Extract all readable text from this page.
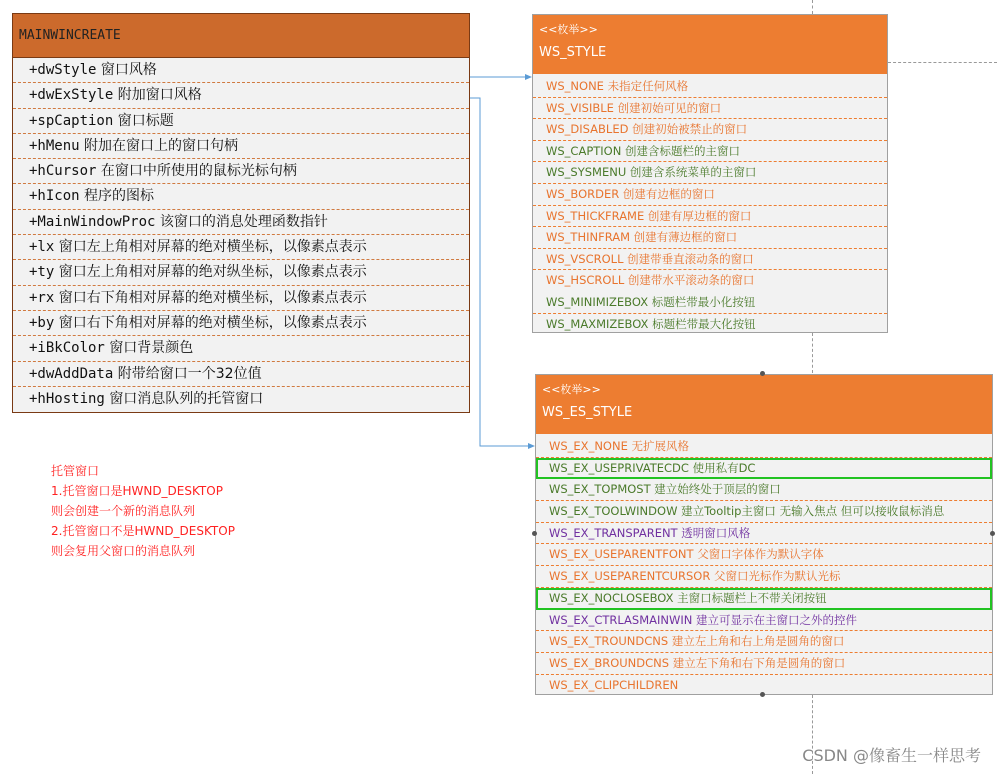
MAINWINCREATE
+dwStyle 窗口风格
+dwExStyle 附加窗口风格
+spCaption 窗口标题
+hMenu 附加在窗口上的窗口句柄
+hCursor 在窗口中所使用的鼠标光标句柄
+hIcon 程序的图标
+MainWindowProc 该窗口的消息处理函数指针
+lx 窗口左上角相对屏幕的绝对横坐标，以像素点表示
+ty 窗口左上角相对屏幕的绝对纵坐标，以像素点表示
+rx 窗口右下角相对屏幕的绝对横坐标，以像素点表示
+by 窗口右下角相对屏幕的绝对横坐标，以像素点表示
+iBkColor 窗口背景颜色
+dwAddData 附带给窗口一个32位值
+hHosting 窗口消息队列的托管窗口
<<枚举>>
WS_STYLE
WS_NONE 未指定任何风格
WS_VISIBLE 创建初始可见的窗口
WS_DISABLED 创建初始被禁止的窗口
WS_CAPTION 创建含标题栏的主窗口
WS_SYSMENU 创建含系统菜单的主窗口
WS_BORDER 创建有边框的窗口
WS_THICKFRAME 创建有厚边框的窗口
WS_THINFRAM 创建有薄边框的窗口
WS_VSCROLL 创建带垂直滚动条的窗口
WS_HSCROLL 创建带水平滚动条的窗口
WS_MINIMIZEBOX 标题栏带最小化按钮
WS_MAXMIZEBOX 标题栏带最大化按钮
<<枚举>>
WS_ES_STYLE
WS_EX_NONE 无扩展风格
WS_EX_USEPRIVATECDC 使用私有DC
WS_EX_TOPMOST 建立始终处于顶层的窗口
WS_EX_TOOLWINDOW 建立Tooltip主窗口 无输入焦点 但可以接收鼠标消息
WS_EX_TRANSPARENT 透明窗口风格
WS_EX_USEPARENTFONT 父窗口字体作为默认字体
WS_EX_USEPARENTCURSOR 父窗口光标作为默认光标
WS_EX_NOCLOSEBOX 主窗口标题栏上不带关闭按钮
WS_EX_CTRLASMAINWIN 建立可显示在主窗口之外的控件
WS_EX_TROUNDCNS 建立左上角和右上角是圆角的窗口
WS_EX_BROUNDCNS 建立左下角和右下角是圆角的窗口
WS_EX_CLIPCHILDREN
托管窗口
1.托管窗口是HWND_DESKTOP
则会创建一个新的消息队列
2.托管窗口不是HWND_DESKTOP
则会复用父窗口的消息队列
CSDN @像畜生一样思考
